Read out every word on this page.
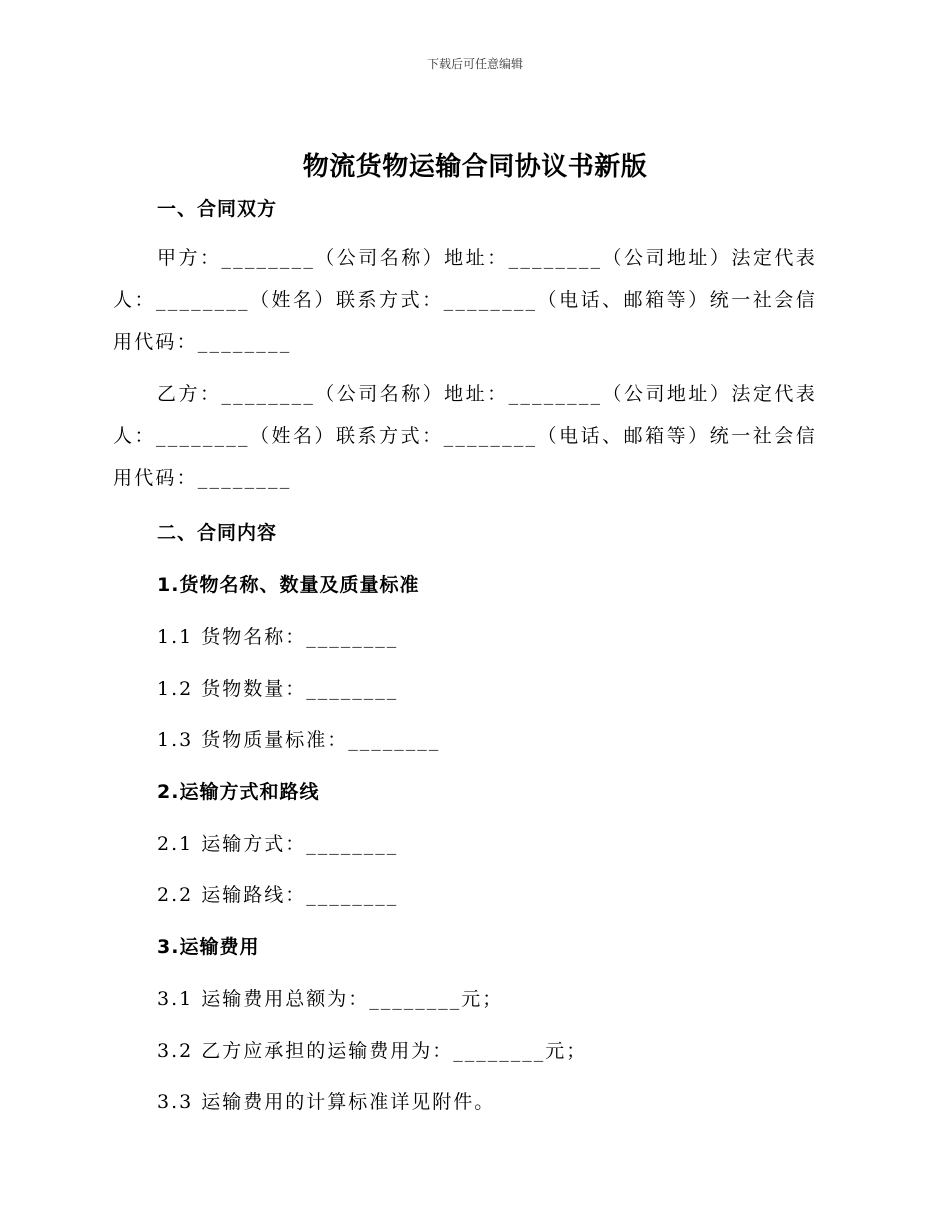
下载后可任意编辑
物流货物运输合同协议书新版
一、合同双方
甲方：________（公司名称）地址：________（公司地址）法定代表人：________（姓名）联系方式：________（电话、邮箱等）统一社会信用代码：________
乙方：________（公司名称）地址：________（公司地址）法定代表人：________（姓名）联系方式：________（电话、邮箱等）统一社会信用代码：________
二、合同内容
1.货物名称、数量及质量标准
1.1 货物名称：________
1.2 货物数量：________
1.3 货物质量标准：________
2.运输方式和路线
2.1 运输方式：________
2.2 运输路线：________
3.运输费用
3.1 运输费用总额为：________元；
3.2 乙方应承担的运输费用为：________元；
3.3 运输费用的计算标准详见附件。
